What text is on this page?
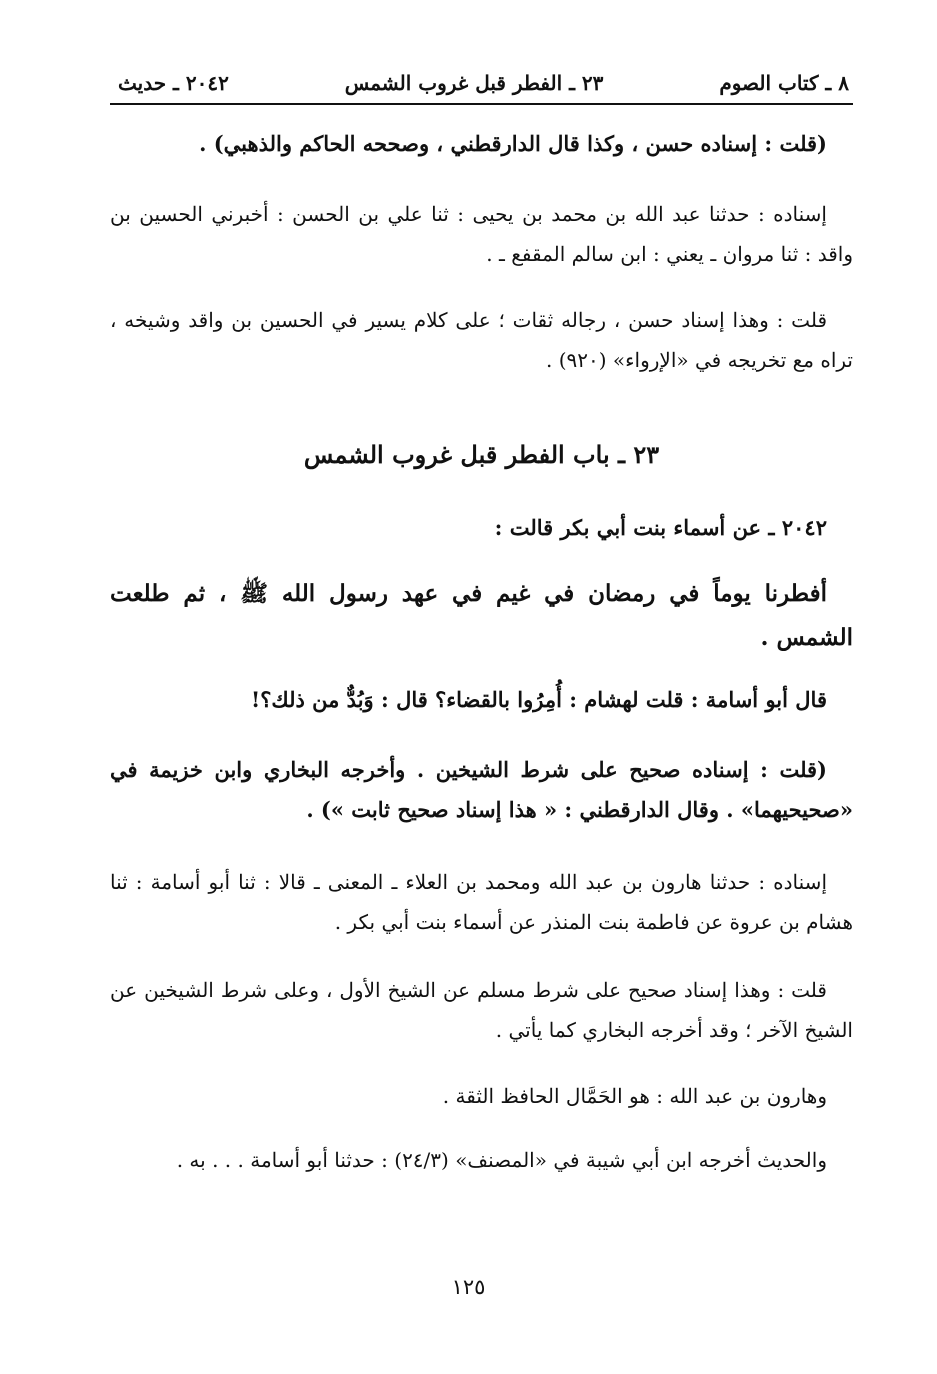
٨ ـ كتاب الصوم
٢٣ ـ الفطر قبل غروب الشمس
٢٠٤٢ ـ حديث

(قلت : إسناده حسن ، وكذا قال الدارقطني ، وصححه الحاكم والذهبي) .

إسناده : حدثنا عبد الله بن محمد بن يحيى : ثنا علي بن الحسن : أخبرني الحسين بن واقد : ثنا مروان ـ يعني : ابن سالم المقفع ـ .

قلت : وهذا إسناد حسن ، رجاله ثقات ؛ على كلام يسير في الحسين بن واقد وشيخه ، تراه مع تخريجه في «الإرواء» (٩٢٠) .

٢٣ ـ باب الفطر قبل غروب الشمس

٢٠٤٢ ـ عن أسماء بنت أبي بكر قالت :

أفطرنا يوماً في رمضان في غيم في عهد رسول الله ﷺ ، ثم طلعت الشمس .

قال أبو أسامة : قلت لهشام : أُمِرُوا بالقضاء؟ قال : وَبُدٌّ من ذلك؟!

(قلت : إسناده صحيح على شرط الشيخين . وأخرجه البخاري وابن خزيمة في «صحيحيهما» . وقال الدارقطني : « هذا إسناد صحيح ثابت ») .

إسناده : حدثنا هارون بن عبد الله ومحمد بن العلاء ـ المعنى ـ قالا : ثنا أبو أسامة : ثنا هشام بن عروة عن فاطمة بنت المنذر عن أسماء بنت أبي بكر .

قلت : وهذا إسناد صحيح على شرط مسلم عن الشيخ الأول ، وعلى شرط الشيخين عن الشيخ الآخر ؛ وقد أخرجه البخاري كما يأتي .

وهارون بن عبد الله : هو الحَمَّال الحافظ الثقة .

والحديث أخرجه ابن أبي شيبة في «المصنف» (٢٤/٣) : حدثنا أبو أسامة . . . به .

١٢٥
